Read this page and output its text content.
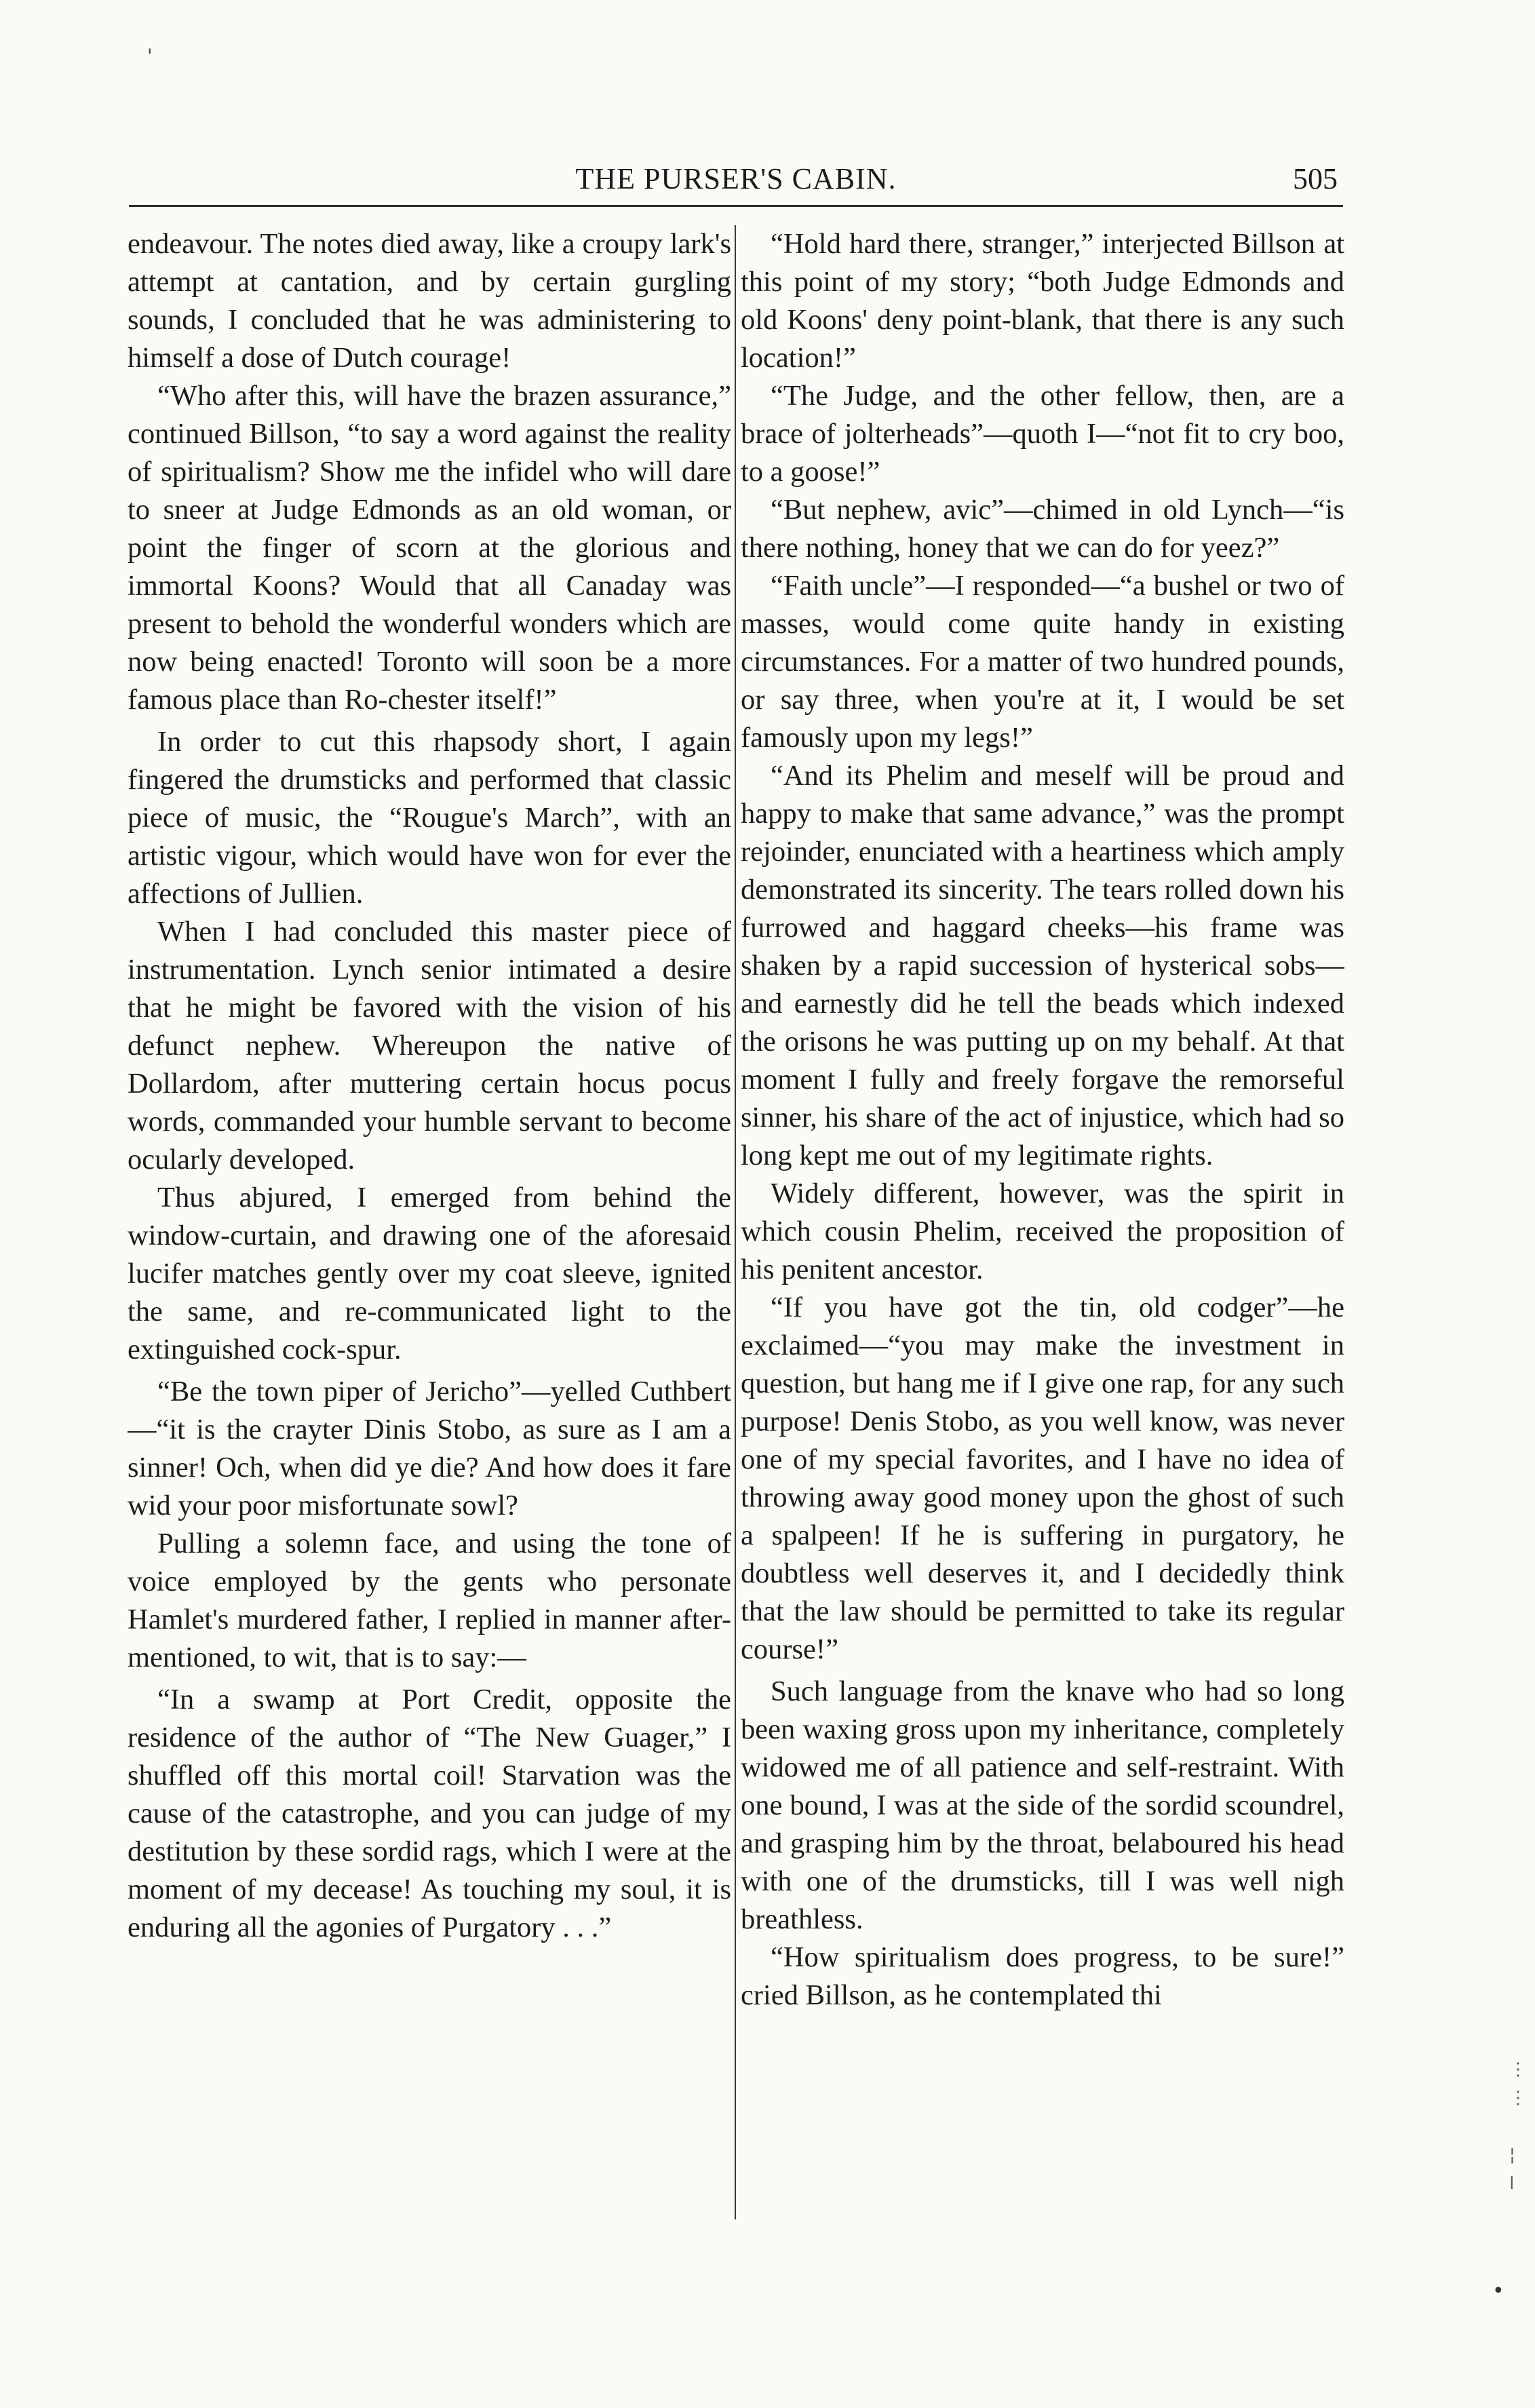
'
THE PURSER'S CABIN.	505

endeavour. The notes died away, like a croupy lark's attempt at cantation, and by certain gurgling sounds, I concluded that he was administering to himself a dose of Dutch courage!

“Who after this, will have the brazen assurance,” continued Billson, “to say a word against the reality of spiritualism? Show me the infidel who will dare to sneer at Judge Edmonds as an old woman, or point the finger of scorn at the glorious and immortal Koons? Would that all Canaday was present to behold the wonderful wonders which are now being enacted! Toronto will soon be a more famous place than Ro-chester itself!”

In order to cut this rhapsody short, I again fingered the drumsticks and performed that classic piece of music, the “Rougue's March”, with an artistic vigour, which would have won for ever the affections of Jullien.

When I had concluded this master piece of instrumentation. Lynch senior intimated a desire that he might be favored with the vision of his defunct nephew. Whereupon the native of Dollardom, after muttering certain hocus pocus words, commanded your humble servant to become ocularly developed.

Thus abjured, I emerged from behind the window-curtain, and drawing one of the aforesaid lucifer matches gently over my coat sleeve, ignited the same, and re-communicated light to the extinguished cock-spur.

“Be the town piper of Jericho”—yelled Cuthbert—“it is the crayter Dinis Stobo, as sure as I am a sinner! Och, when did ye die? And how does it fare wid your poor misfortunate sowl?

Pulling a solemn face, and using the tone of voice employed by the gents who personate Hamlet's murdered father, I replied in manner after-mentioned, to wit, that is to say:—

“In a swamp at Port Credit, opposite the residence of the author of “The New Guager,” I shuffled off this mortal coil! Starvation was the cause of the catastrophe, and you can judge of my destitution by these sordid rags, which I were at the moment of my decease! As touching my soul, it is enduring all the agonies of Purgatory . . .”

“Hold hard there, stranger,” interjected Billson at this point of my story; “both Judge Edmonds and old Koons' deny point-blank, that there is any such location!”

“The Judge, and the other fellow, then, are a brace of jolterheads”—quoth I—“not fit to cry boo, to a goose!”

“But nephew, avic”—chimed in old Lynch—“is there nothing, honey that we can do for yeez?”

“Faith uncle”—I responded—“a bushel or two of masses, would come quite handy in existing circumstances. For a matter of two hundred pounds, or say three, when you're at it, I would be set famously upon my legs!”

“And its Phelim and meself will be proud and happy to make that same advance,” was the prompt rejoinder, enunciated with a heartiness which amply demonstrated its sincerity. The tears rolled down his furrowed and haggard cheeks—his frame was shaken by a rapid succession of hysterical sobs—and earnestly did he tell the beads which indexed the orisons he was putting up on my behalf. At that moment I fully and freely forgave the remorseful sinner, his share of the act of injustice, which had so long kept me out of my legitimate rights.

Widely different, however, was the spirit in which cousin Phelim, received the proposition of his penitent ancestor.

“If you have got the tin, old codger”—he exclaimed—“you may make the investment in question, but hang me if I give one rap, for any such purpose! Denis Stobo, as you well know, was never one of my special favorites, and I have no idea of throwing away good money upon the ghost of such a spalpeen! If he is suffering in purgatory, he doubtless well deserves it, and I decidedly think that the law should be permitted to take its regular course!”

Such language from the knave who had so long been waxing gross upon my inheritance, completely widowed me of all patience and self-restraint. With one bound, I was at the side of the sordid scoundrel, and grasping him by the throat, belaboured his head with one of the drumsticks, till I was well nigh breathless.

“How spiritualism does progress, to be sure!” cried Billson, as he contemplated thi

⋮
⋮

¦
ǀ
•
